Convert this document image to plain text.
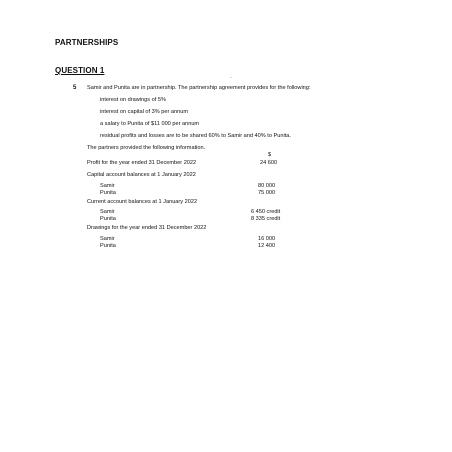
PARTNERSHIPS
QUESTION 1
~
5 Samir and Punita are in partnership. The partnership agreement provides for the following:
interest on drawings of 5%
interest on capital of 3% per annum
a salary to Punita of $11 000 per annum
residual profits and losses are to be shared 60% to Samir and 40% to Punita.
The partners provided the following information.
$
Profit for the year ended 31 December 2022	24 600
Capital account balances at 1 January 2022
Samir	80 000
Punita	75 000
Current account balances at 1 January 2022
Samir	6 450 credit
Punita	8 335 credit
Drawings for the year ended 31 December 2022
Samir	16 000
Punita	12 400
